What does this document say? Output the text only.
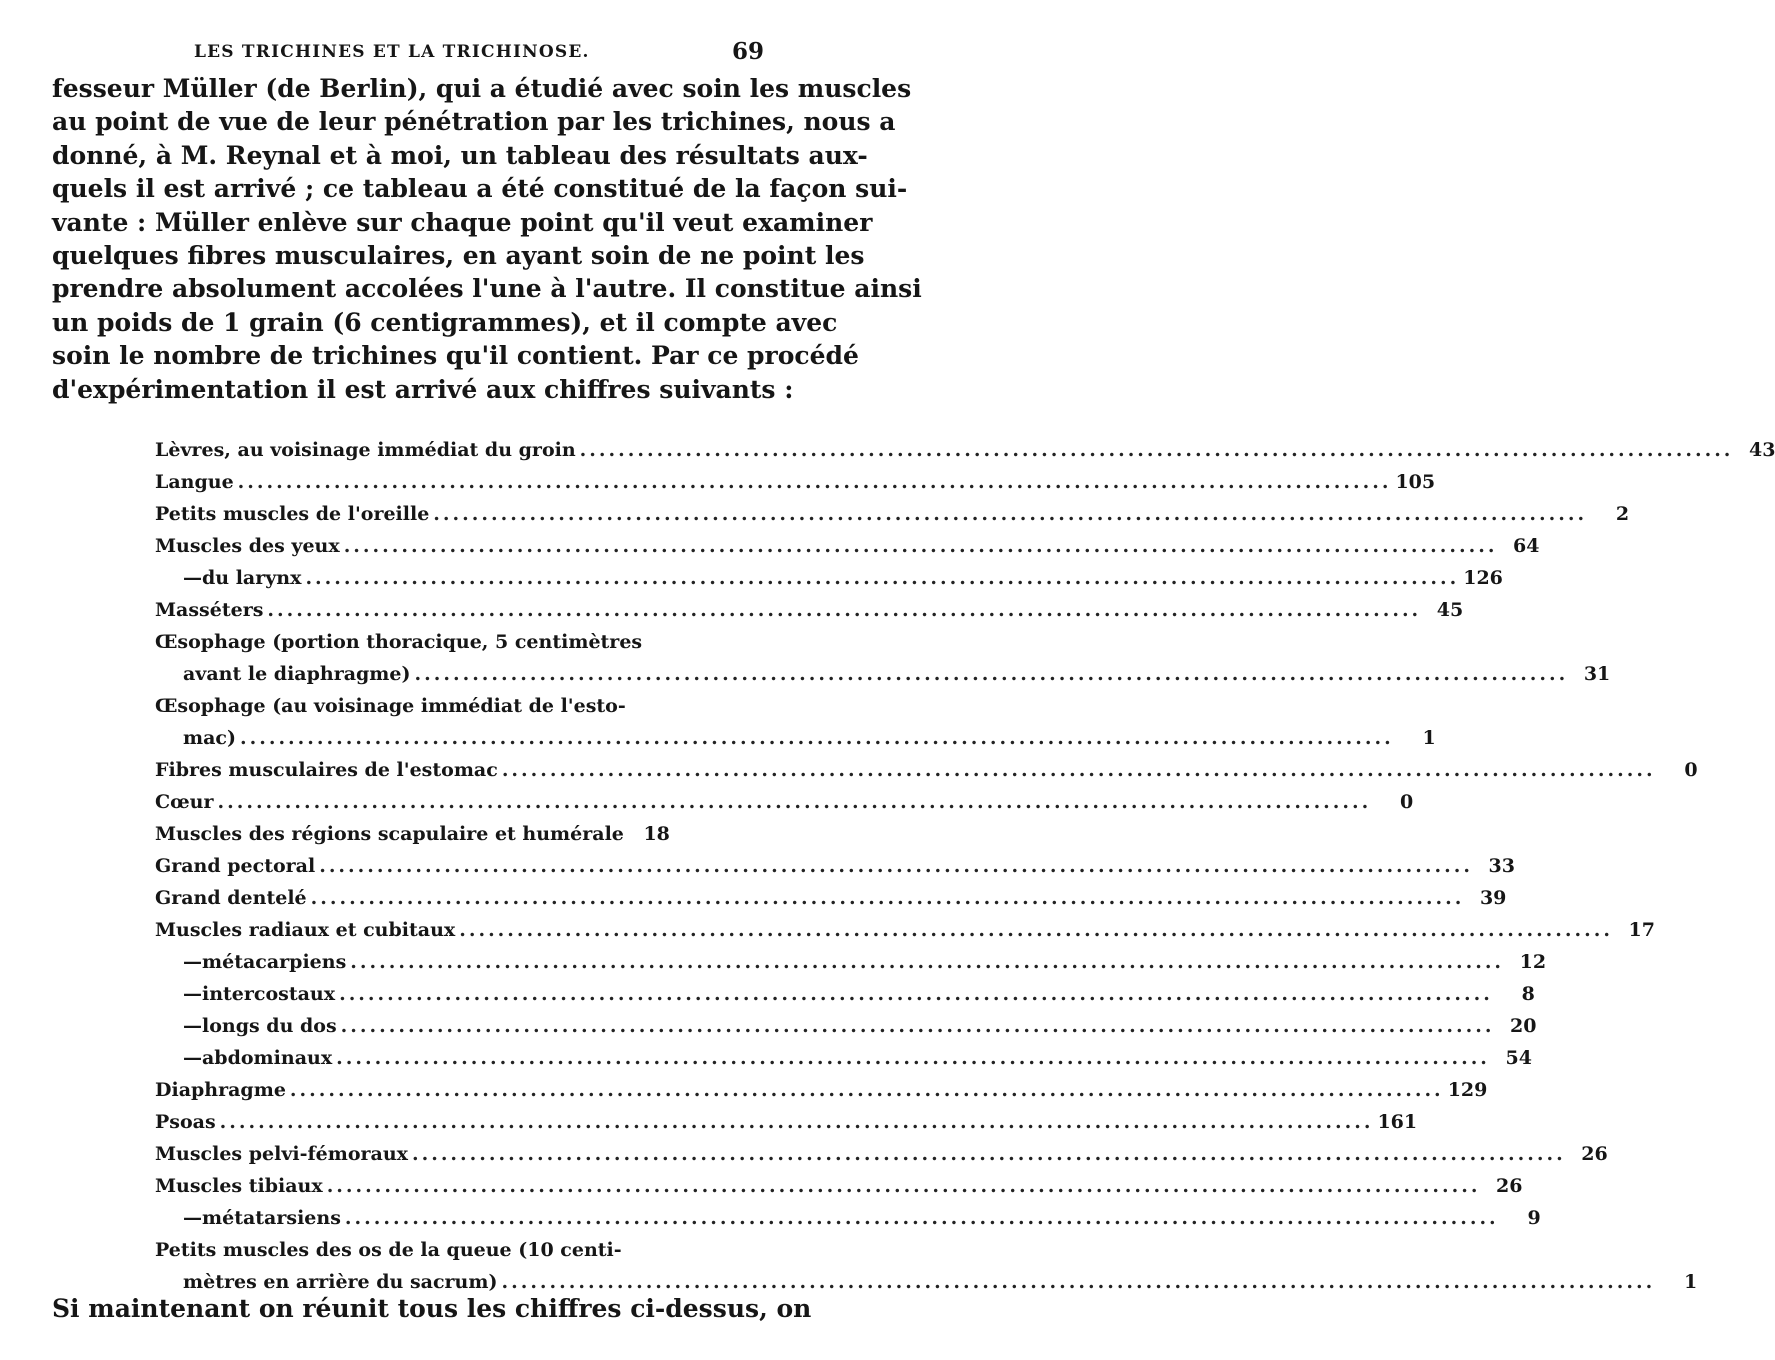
LES TRICHINES ET LA TRICHINOSE.	69
fesseur Müller (de Berlin), qui a étudié avec soin les muscles
au point de vue de leur pénétration par les trichines, nous a
donné, à M. Reynal et à moi, un tableau des résultats aux-
quels il est arrivé ; ce tableau a été constitué de la façon sui-
vante : Müller enlève sur chaque point qu'il veut examiner
quelques fibres musculaires, en ayant soin de ne point les
prendre absolument accolées l'une à l'autre. Il constitue ainsi
un poids de 1 grain (6 centigrammes), et il compte avec
soin le nombre de trichines qu'il contient. Par ce procédé
d'expérimentation il est arrivé aux chiffres suivants :
Lèvres, au voisinage immédiat du groin .....	43
Langue .....	105
Petits muscles de l'oreille .....	2
Muscles des yeux .....	64
— du larynx .....	126
Masséters .....	45
Œsophage (portion thoracique, 5 centimètres
avant le diaphragme) .....	31
Œsophage (au voisinage immédiat de l'esto-
mac) .....	1
Fibres musculaires de l'estomac .....	0
Cœur .....	0
Muscles des régions scapulaire et humérale	18
Grand pectoral .....	33
Grand dentelé .....	39
Muscles radiaux et cubitaux .....	17
— métacarpiens .....	12
— intercostaux .....	8
— longs du dos .....	20
— abdominaux .....	54
Diaphragme .....	129
Psoas .....	161
Muscles pelvi-fémoraux .....	26
Muscles tibiaux .....	26
— métatarsiens .....	9
Petits muscles des os de la queue (10 centi-
mètres en arrière du sacrum) .....	1
Si maintenant on réunit tous les chiffres ci-dessus, on
